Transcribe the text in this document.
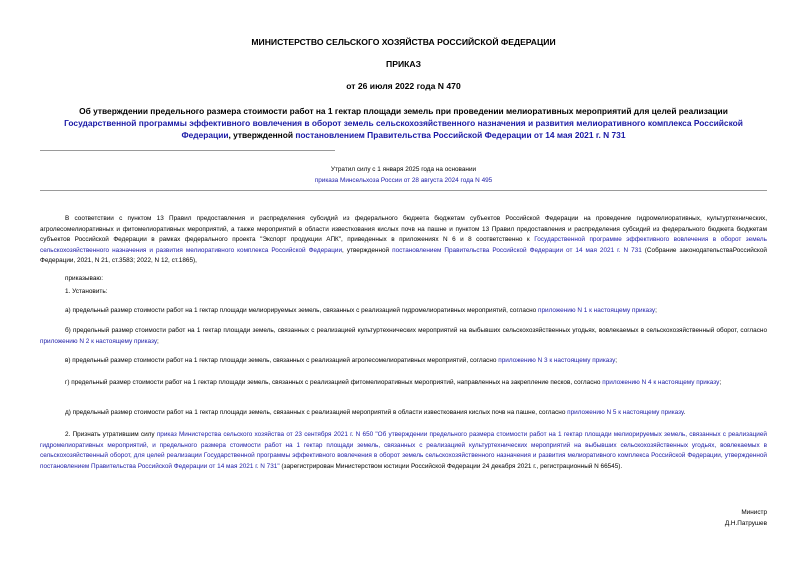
МИНИСТЕРСТВО СЕЛЬСКОГО ХОЗЯЙСТВА РОССИЙСКОЙ ФЕДЕРАЦИИ
ПРИКАЗ
от 26 июля 2022 года N 470
Об утверждении предельного размера стоимости работ на 1 гектар площади земель при проведении мелиоративных мероприятий для целей реализации Государственной программы эффективного вовлечения в оборот земель сельскохозяйственного назначения и развития мелиоративного комплекса Российской Федерации, утвержденной постановлением Правительства Российской Федерации от 14 мая 2021 г. N 731
Утратил силу с 1 января 2025 года на основании
приказа Минсельхоза России от 28 августа 2024 года N 495
В соответствии с пунктом 13 Правил предоставления и распределения субсидий из федерального бюджета бюджетам субъектов Российской Федерации на проведение гидромелиоративных, культуртехнических, агролесомелиоративных и фитомелиоративных мероприятий, а также мероприятий в области известкования кислых почв на пашне и пунктом 13 Правил предоставления и распределения субсидий из федерального бюджета бюджетам субъектов Российской Федерации в рамках федерального проекта "Экспорт продукции АПК", приведенных в приложениях N 6 и 8 соответственно к Государственной программе эффективного вовлечения в оборот земель сельскохозяйственного назначения и развития мелиоративного комплекса Российской Федерации, утвержденной постановлением Правительства Российской Федерации от 14 мая 2021 г. N 731 (Собрание законодательстваРоссийской Федерации, 2021, N 21, ст.3583; 2022, N 12, ст.1865),
приказываю:
1. Установить:
а) предельный размер стоимости работ на 1 гектар площади мелиорируемых земель, связанных с реализацией гидромелиоративных мероприятий, согласно приложению N 1 к настоящему приказу;
б) предельный размер стоимости работ на 1 гектар площади земель, связанных с реализацией культуртехнических мероприятий на выбывших сельскохозяйственных угодьях, вовлекаемых в сельскохозяйственный оборот, согласно приложению N 2 к настоящему приказу;
в) предельный размер стоимости работ на 1 гектар площади земель, связанных с реализацией агролесомелиоративных мероприятий, согласно приложению N 3 к настоящему приказу;
г) предельный размер стоимости работ на 1 гектар площади земель, связанных с реализацией фитомелиоративных мероприятий, направленных на закрепление песков, согласно приложению N 4 к настоящему приказу;
д) предельный размер стоимости работ на 1 гектар площади земель, связанных с реализацией мероприятий в области известкования кислых почв на пашне, согласно приложению N 5 к настоящему приказу.
2. Признать утратившим силу приказ Министерства сельского хозяйства от 23 сентября 2021 г. N 650 "Об утверждении предельного размера стоимости работ на 1 гектар площади мелиорируемых земель, связанных с реализацией гидромелиоративных мероприятий, и предельного размера стоимости работ на 1 гектар площади земель, связанных с реализацией культуртехнических мероприятий на выбывших сельскохозяйственных угодьях, вовлекаемых в сельскохозяйственный оборот, для целей реализации Государственной программы эффективного вовлечения в оборот земель сельскохозяйственного назначения и развития мелиоративного комплекса Российской Федерации, утвержденной постановлением Правительства Российской Федерации от 14 мая 2021 г. N 731" (зарегистрирован Министерством юстиции Российской Федерации 24 декабря 2021 г., регистрационный N 66545).
Министр
Д.Н.Патрушев
